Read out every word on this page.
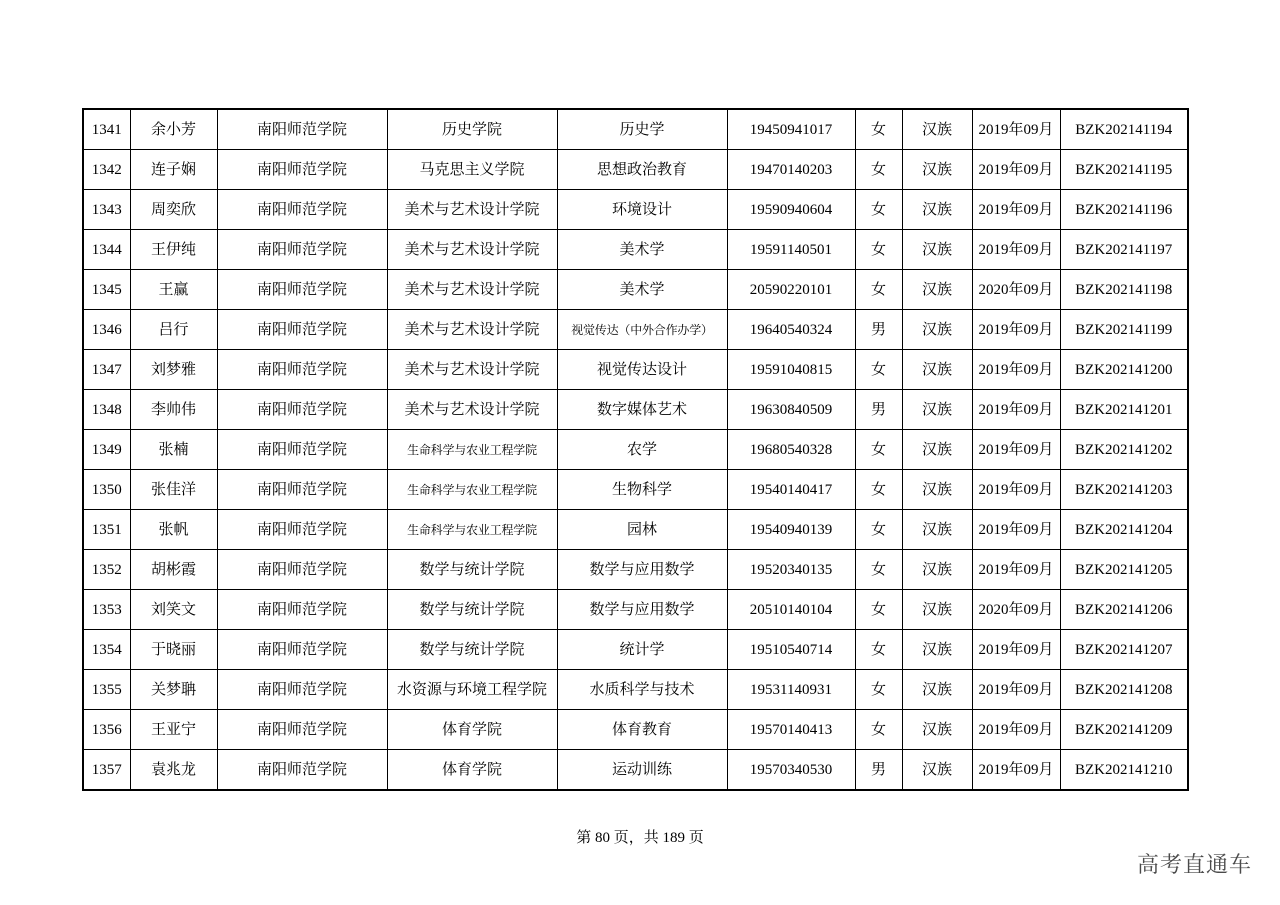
1341	余小芳	南阳师范学院	历史学院	历史学	19450941017	女	汉族	2019年09月	BZK202141194
1342	连子娴	南阳师范学院	马克思主义学院	思想政治教育	19470140203	女	汉族	2019年09月	BZK202141195
1343	周奕欣	南阳师范学院	美术与艺术设计学院	环境设计	19590940604	女	汉族	2019年09月	BZK202141196
1344	王伊纯	南阳师范学院	美术与艺术设计学院	美术学	19591140501	女	汉族	2019年09月	BZK202141197
1345	王赢	南阳师范学院	美术与艺术设计学院	美术学	20590220101	女	汉族	2020年09月	BZK202141198
1346	吕行	南阳师范学院	美术与艺术设计学院	视觉传达（中外合作办学）	19640540324	男	汉族	2019年09月	BZK202141199
1347	刘梦雅	南阳师范学院	美术与艺术设计学院	视觉传达设计	19591040815	女	汉族	2019年09月	BZK202141200
1348	李帅伟	南阳师范学院	美术与艺术设计学院	数字媒体艺术	19630840509	男	汉族	2019年09月	BZK202141201
1349	张楠	南阳师范学院	生命科学与农业工程学院	农学	19680540328	女	汉族	2019年09月	BZK202141202
1350	张佳洋	南阳师范学院	生命科学与农业工程学院	生物科学	19540140417	女	汉族	2019年09月	BZK202141203
1351	张帆	南阳师范学院	生命科学与农业工程学院	园林	19540940139	女	汉族	2019年09月	BZK202141204
1352	胡彬霞	南阳师范学院	数学与统计学院	数学与应用数学	19520340135	女	汉族	2019年09月	BZK202141205
1353	刘笑文	南阳师范学院	数学与统计学院	数学与应用数学	20510140104	女	汉族	2020年09月	BZK202141206
1354	于晓丽	南阳师范学院	数学与统计学院	统计学	19510540714	女	汉族	2019年09月	BZK202141207
1355	关梦聃	南阳师范学院	水资源与环境工程学院	水质科学与技术	19531140931	女	汉族	2019年09月	BZK202141208
1356	王亚宁	南阳师范学院	体育学院	体育教育	19570140413	女	汉族	2019年09月	BZK202141209
1357	袁兆龙	南阳师范学院	体育学院	运动训练	19570340530	男	汉族	2019年09月	BZK202141210
第 80 页，共 189 页
高考直通车
